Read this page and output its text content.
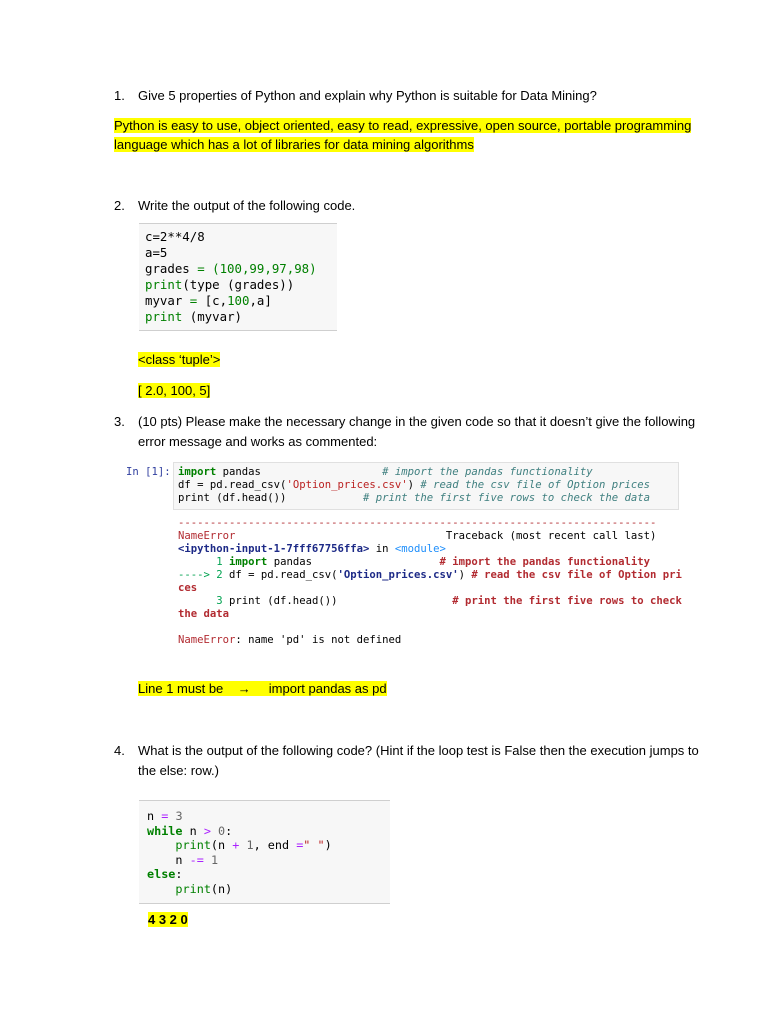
1.	Give 5 properties of Python and explain why Python is suitable for Data Mining?
Python is easy to use, object oriented, easy to read, expressive, open source, portable programming
language which has a lot of libraries for data mining algorithms
2.	Write the output of the following code.
c=2**4/8
a=5
grades = (100,99,97,98)
print(type (grades))
myvar = [c,100,a]
print (myvar)
<class ‘tuple’>
[ 2.0, 100, 5]
3.	(10 pts) Please make the necessary change in the given code so that it doesn’t give the following error message and works as commented:

In [1]:

import pandas                   # import the pandas functionality
df = pd.read_csv('Option_prices.csv') # read the csv file of Option prices
print (df.head())            # print the first five rows to check the data

---------------------------------------------------------------------------
NameError                                 Traceback (most recent call last)
<ipython-input-1-7fff67756ffa> in <module>
1 import pandas                    # import the pandas functionality
----> 2 df = pd.read_csv('Option_prices.csv') # read the csv file of Option pri
ces
3 print (df.head())                  # print the first five rows to check
the data

NameError: name 'pd' is not defined

Line 1 must be → import pandas as pd
4.	What is the output of the following code? (Hint if the loop test is False then the execution jumps to the else: row.)
n = 3
while n > 0:
print(n + 1, end =" ")
n -= 1
else:
print(n)
4 3 2 0
